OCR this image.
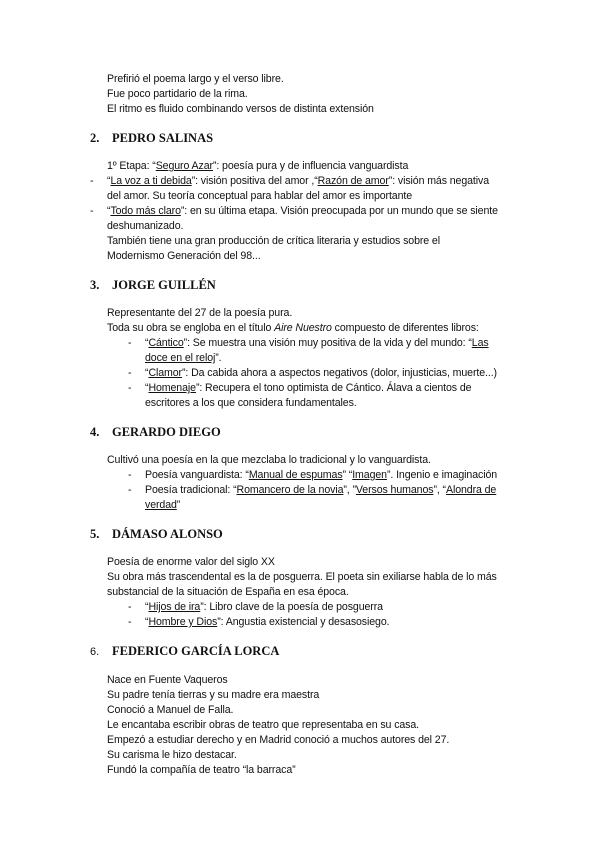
Prefirió el poema largo y el verso libre.
Fue poco partidario de la rima.
El ritmo es fluido combinando versos de distinta extensión
2. PEDRO SALINAS
1º Etapa: “Seguro Azar”: poesía pura y de influencia vanguardista
- “La voz a ti debida”: visión positiva del amor ,“Razón de amor”: visión más negativa
del amor. Su teoría conceptual para hablar del amor es importante
- “Todo más claro”: en su última etapa. Visión preocupada por un mundo que se siente
deshumanizado.
También tiene una gran producción de crítica literaria y estudios sobre el
Modernismo Generación del 98...
3. JORGE GUILLÉN
Representante del 27 de la poesía pura.
Toda su obra se engloba en el título Aire Nuestro compuesto de diferentes libros:
- “Cántico”: Se muestra una visión muy positiva de la vida y del mundo: “Las
doce en el reloj”.
- “Clamor”: Da cabida ahora a aspectos negativos (dolor, injusticias, muerte...)
- “Homenaje”: Recupera el tono optimista de Cántico. Álava a cientos de
escritores a los que considera fundamentales.
4. GERARDO DIEGO
Cultivó una poesía en la que mezclaba lo tradicional y lo vanguardista.
- Poesía vanguardista: “Manual de espumas” “Imagen”. Ingenio e imaginación
- Poesía tradicional: “Romancero de la novia”, ”Versos humanos”, “Alondra de
verdad”
5. DÁMASO ALONSO
Poesía de enorme valor del siglo XX
Su obra más trascendental es la de posguerra. El poeta sin exiliarse habla de lo más
substancial de la situación de España en esa época.
- “Hijos de ira”: Libro clave de la poesía de posguerra
- “Hombre y Dios”: Angustia existencial y desasosiego.
6. FEDERICO GARCÍA LORCA
Nace en Fuente Vaqueros
Su padre tenía tierras y su madre era maestra
Conoció a Manuel de Falla.
Le encantaba escribir obras de teatro que representaba en su casa.
Empezó a estudiar derecho y en Madrid conoció a muchos autores del 27.
Su carisma le hizo destacar.
Fundó la compañía de teatro “la barraca”
